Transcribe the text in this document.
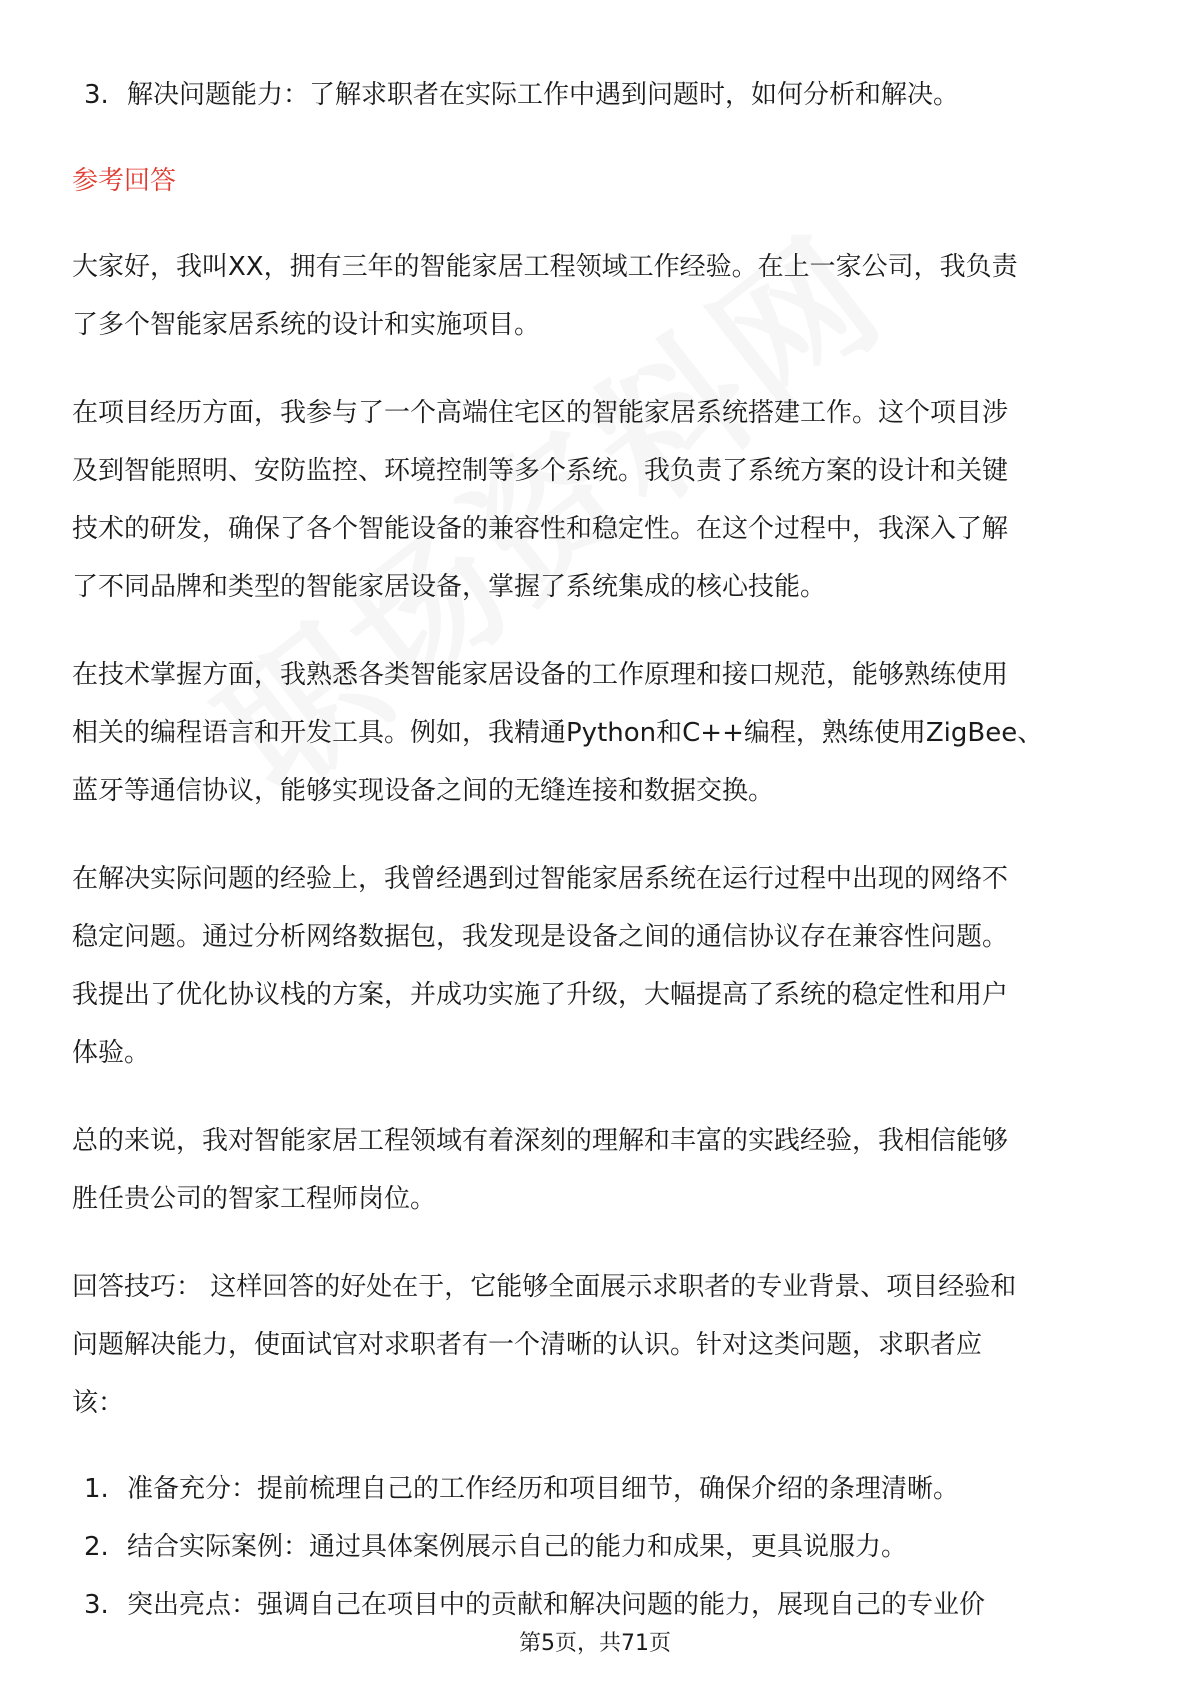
3. 解决问题能力：了解求职者在实际工作中遇到问题时，如何分析和解决。

参考回答

大家好，我叫XX，拥有三年的智能家居工程领域工作经验。在上一家公司，我负责

了多个智能家居系统的设计和实施项目。

在项目经历方面，我参与了一个高端住宅区的智能家居系统搭建工作。这个项目涉

及到智能照明、安防监控、环境控制等多个系统。我负责了系统方案的设计和关键

技术的研发，确保了各个智能设备的兼容性和稳定性。在这个过程中，我深入了解

了不同品牌和类型的智能家居设备，掌握了系统集成的核心技能。

在技术掌握方面，我熟悉各类智能家居设备的工作原理和接口规范，能够熟练使用

相关的编程语言和开发工具。例如，我精通Python和C++编程，熟练使用ZigBee、

蓝牙等通信协议，能够实现设备之间的无缝连接和数据交换。

在解决实际问题的经验上，我曾经遇到过智能家居系统在运行过程中出现的网络不

稳定问题。通过分析网络数据包，我发现是设备之间的通信协议存在兼容性问题。

我提出了优化协议栈的方案，并成功实施了升级，大幅提高了系统的稳定性和用户

体验。

总的来说，我对智能家居工程领域有着深刻的理解和丰富的实践经验，我相信能够

胜任贵公司的智家工程师岗位。

回答技巧： 这样回答的好处在于，它能够全面展示求职者的专业背景、项目经验和

问题解决能力，使面试官对求职者有一个清晰的认识。针对这类问题，求职者应

该：

1. 准备充分：提前梳理自己的工作经历和项目细节，确保介绍的条理清晰。
2. 结合实际案例：通过具体案例展示自己的能力和成果，更具说服力。
3. 突出亮点：强调自己在项目中的贡献和解决问题的能力，展现自己的专业价
第5页，共71页
